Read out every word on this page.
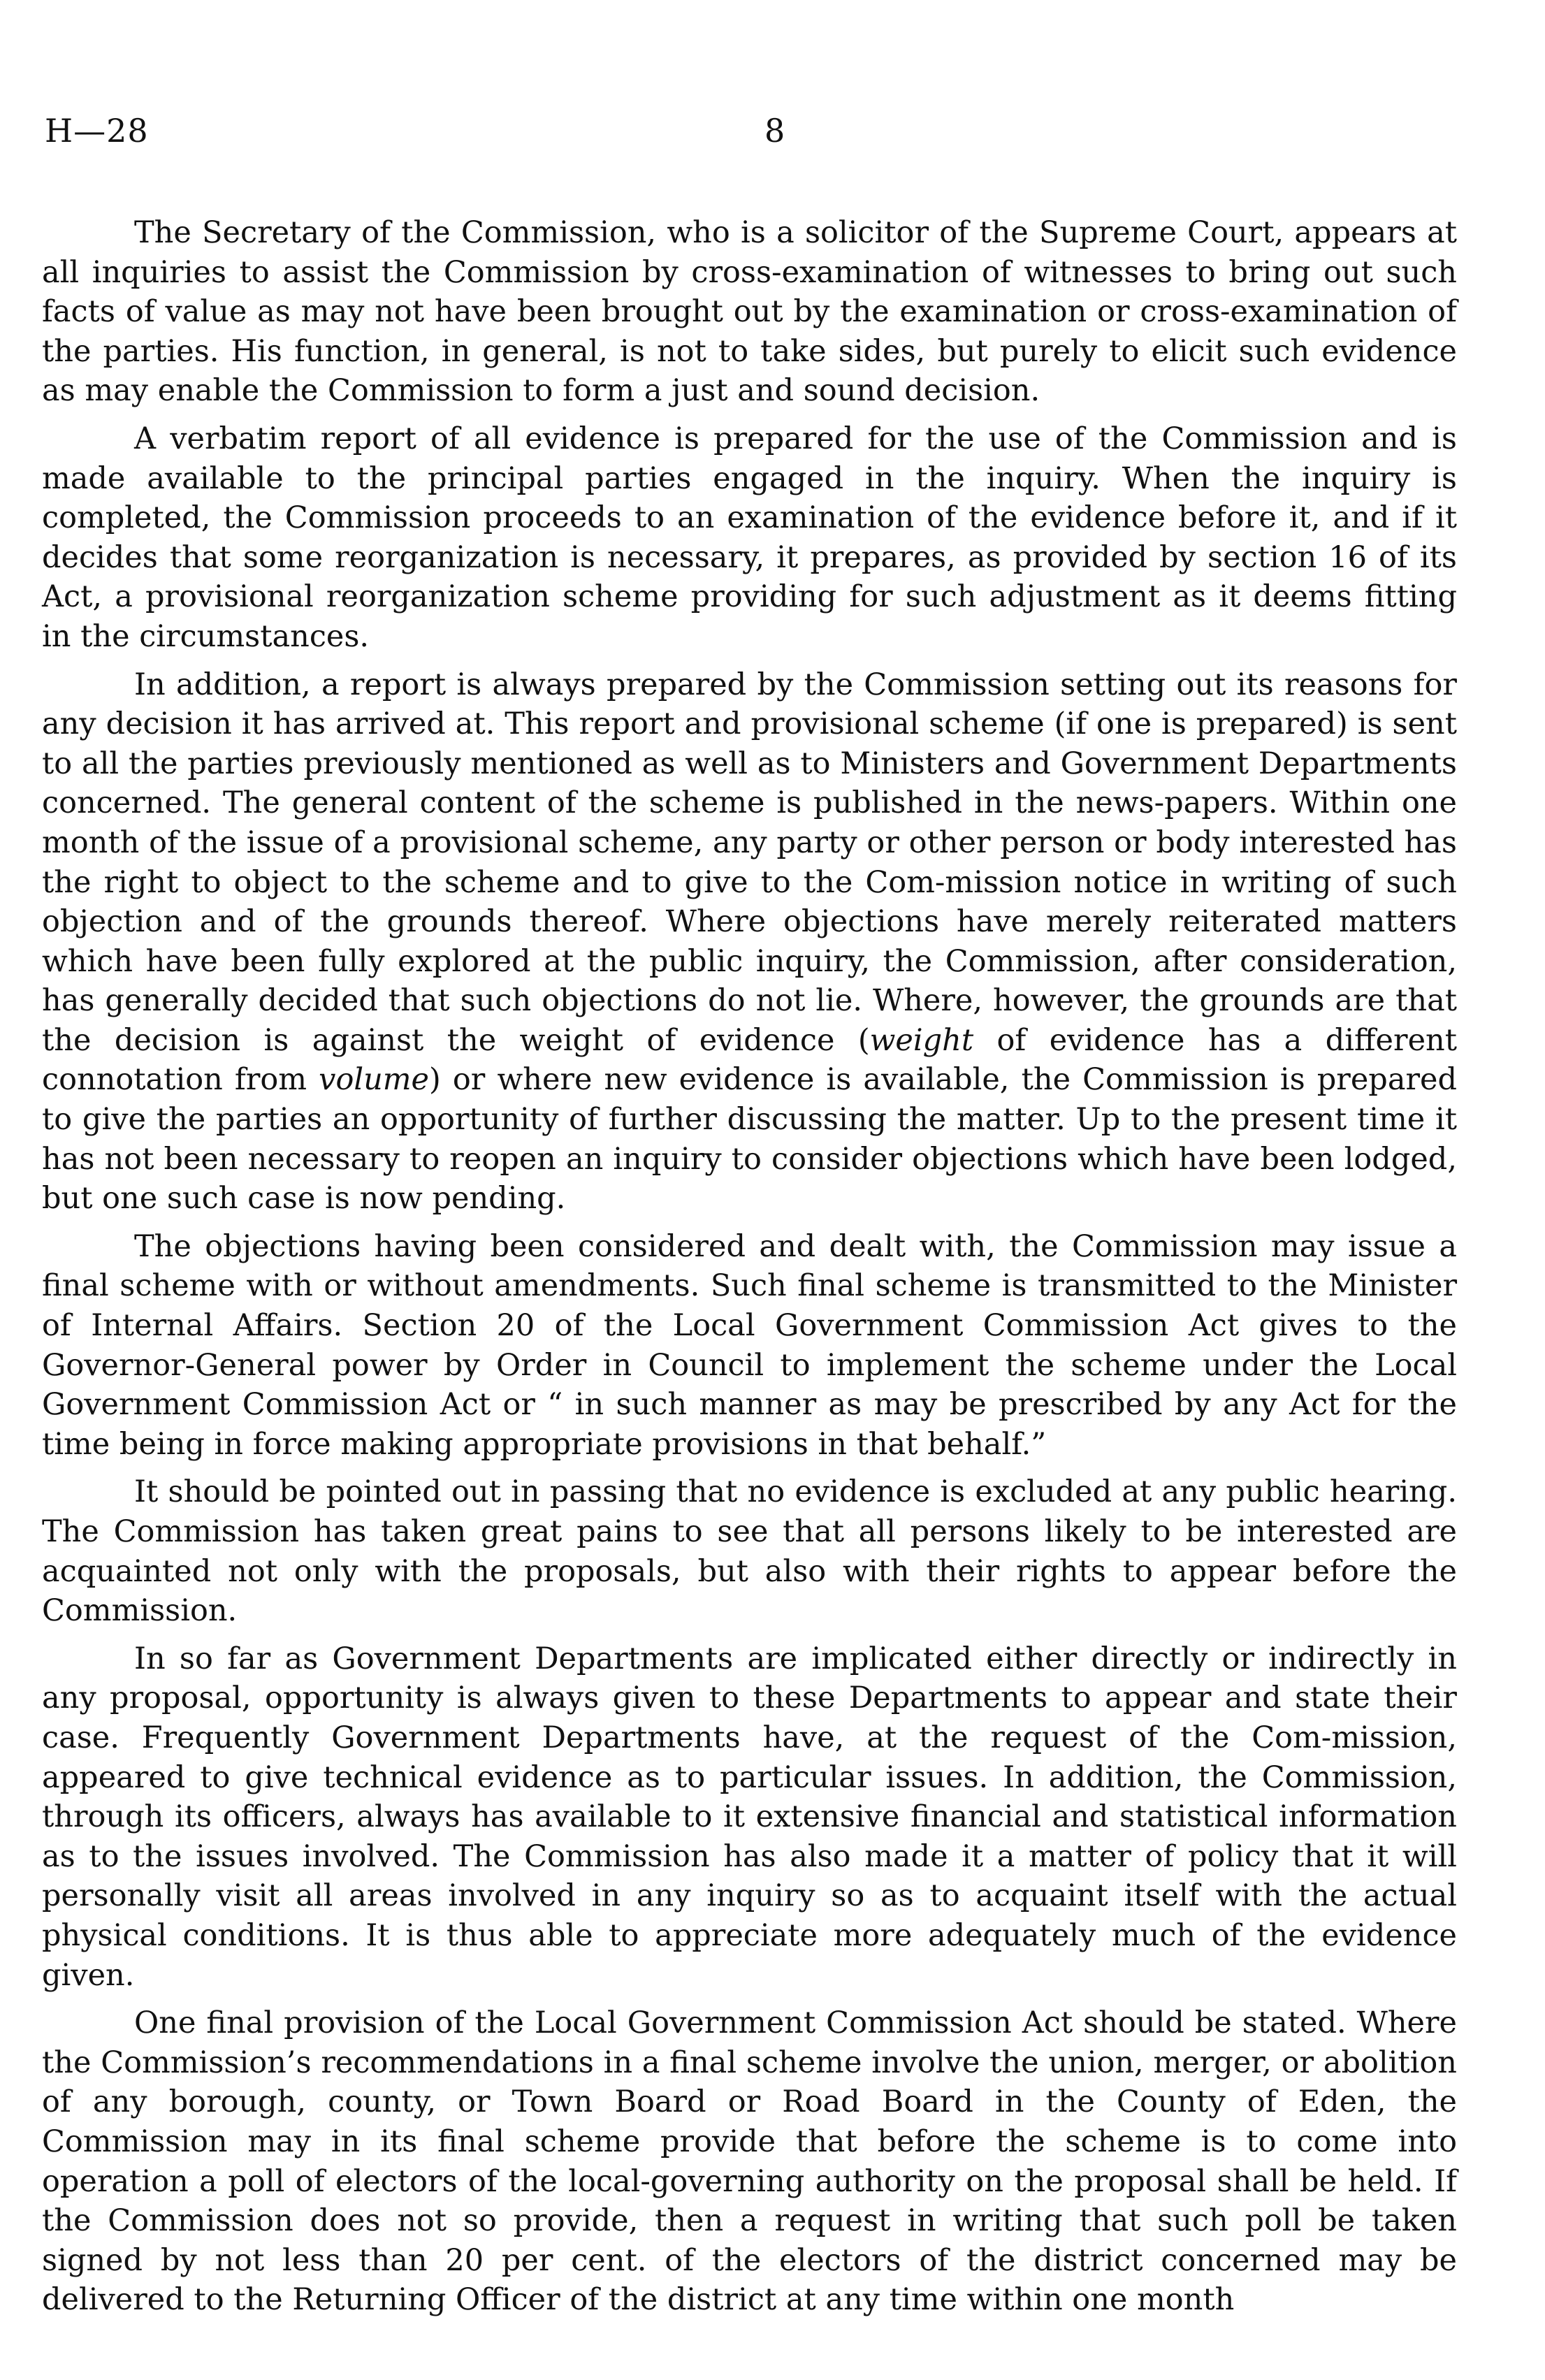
H—28	8

The Secretary of the Commission, who is a solicitor of the Supreme Court, appears at all inquiries to assist the Commission by cross-examination of witnesses to bring out such facts of value as may not have been brought out by the examination or cross-examination of the parties. His function, in general, is not to take sides, but purely to elicit such evidence as may enable the Commission to form a just and sound decision.

A verbatim report of all evidence is prepared for the use of the Commission and is made available to the principal parties engaged in the inquiry. When the inquiry is completed, the Commission proceeds to an examination of the evidence before it, and if it decides that some reorganization is necessary, it prepares, as provided by section 16 of its Act, a provisional reorganization scheme providing for such adjustment as it deems fitting in the circumstances.

In addition, a report is always prepared by the Commission setting out its reasons for any decision it has arrived at. This report and provisional scheme (if one is prepared) is sent to all the parties previously mentioned as well as to Ministers and Government Departments concerned. The general content of the scheme is published in the news-papers. Within one month of the issue of a provisional scheme, any party or other person or body interested has the right to object to the scheme and to give to the Com-mission notice in writing of such objection and of the grounds thereof. Where objections have merely reiterated matters which have been fully explored at the public inquiry, the Commission, after consideration, has generally decided that such objections do not lie. Where, however, the grounds are that the decision is against the weight of evidence (weight of evidence has a different connotation from volume) or where new evidence is available, the Commission is prepared to give the parties an opportunity of further discussing the matter. Up to the present time it has not been necessary to reopen an inquiry to consider objections which have been lodged, but one such case is now pending.

The objections having been considered and dealt with, the Commission may issue a final scheme with or without amendments. Such final scheme is transmitted to the Minister of Internal Affairs. Section 20 of the Local Government Commission Act gives to the Governor-General power by Order in Council to implement the scheme under the Local Government Commission Act or “ in such manner as may be prescribed by any Act for the time being in force making appropriate provisions in that behalf.”

It should be pointed out in passing that no evidence is excluded at any public hearing. The Commission has taken great pains to see that all persons likely to be interested are acquainted not only with the proposals, but also with their rights to appear before the Commission.

In so far as Government Departments are implicated either directly or indirectly in any proposal, opportunity is always given to these Departments to appear and state their case. Frequently Government Departments have, at the request of the Com-mission, appeared to give technical evidence as to particular issues. In addition, the Commission, through its officers, always has available to it extensive financial and statistical information as to the issues involved. The Commission has also made it a matter of policy that it will personally visit all areas involved in any inquiry so as to acquaint itself with the actual physical conditions. It is thus able to appreciate more adequately much of the evidence given.

One final provision of the Local Government Commission Act should be stated. Where the Commission’s recommendations in a final scheme involve the union, merger, or abolition of any borough, county, or Town Board or Road Board in the County of Eden, the Commission may in its final scheme provide that before the scheme is to come into operation a poll of electors of the local-governing authority on the proposal shall be held. If the Commission does not so provide, then a request in writing that such poll be taken signed by not less than 20 per cent. of the electors of the district concerned may be delivered to the Returning Officer of the district at any time within one month
